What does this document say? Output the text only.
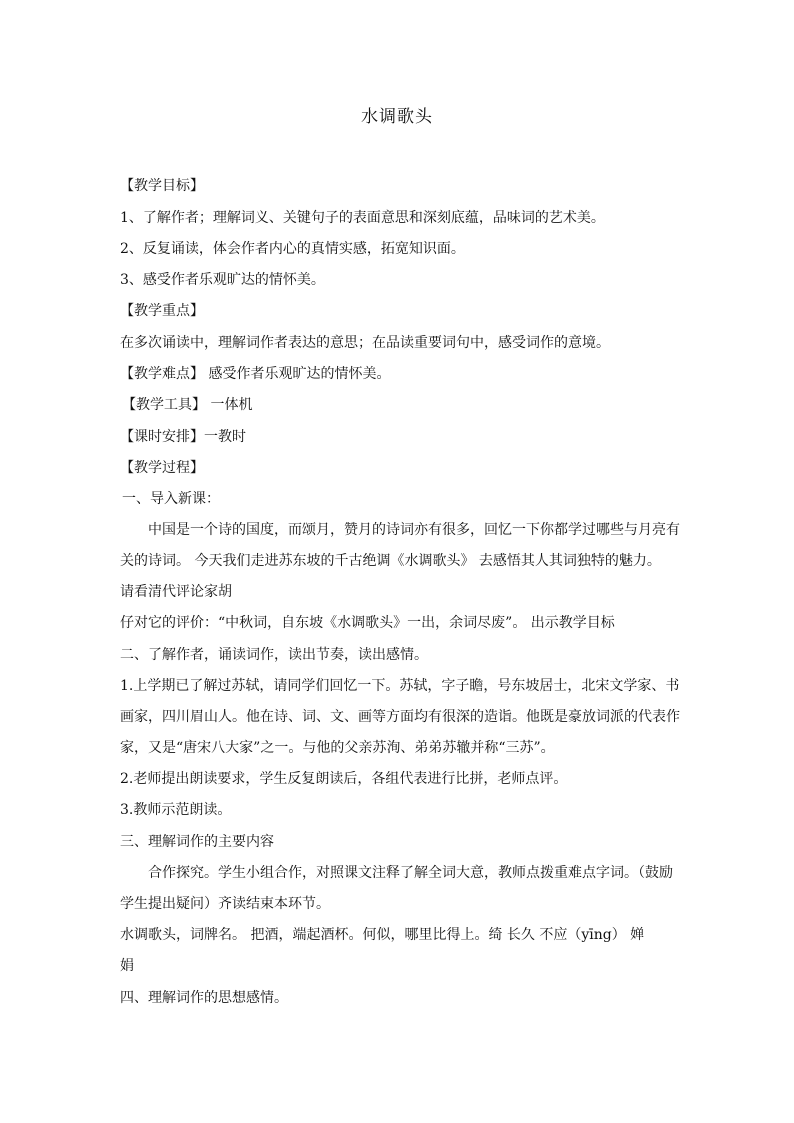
水调歌头
【教学目标】
1、了解作者；理解词义、关键句子的表面意思和深刻底蕴，品味词的艺术美。
2、反复诵读，体会作者内心的真情实感，拓宽知识面。
3、感受作者乐观旷达的情怀美。
【教学重点】
在多次诵读中，理解词作者表达的意思；在品读重要词句中，感受词作的意境。
【教学难点】 感受作者乐观旷达的情怀美。
【教学工具】 一体机
【课时安排】一教时
【教学过程】
一、导入新课：
中国是一个诗的国度，而颂月，赞月的诗词亦有很多，回忆一下你都学过哪些与月亮有
关的诗词。 今天我们走进苏东坡的千古绝调《水调歌头》 去感悟其人其词独特的魅力。
请看清代评论家胡
仔对它的评价：“中秋词，自东坡《水调歌头》一出，余词尽废”。 出示教学目标
二、了解作者，诵读词作，读出节奏，读出感情。
1.上学期已了解过苏轼，请同学们回忆一下。苏轼，字子瞻，号东坡居士，北宋文学家、书
画家，四川眉山人。他在诗、词、文、画等方面均有很深的造诣。他既是豪放词派的代表作
家，又是“唐宋八大家”之一。与他的父亲苏洵、弟弟苏辙并称“三苏”。
2.老师提出朗读要求，学生反复朗读后，各组代表进行比拼，老师点评。
3.教师示范朗读。
三、理解词作的主要内容
合作探究。学生小组合作，对照课文注释了解全词大意，教师点拨重难点字词。（鼓励
学生提出疑问）齐读结束本环节。
水调歌头，词牌名。 把酒，端起酒杯。何似，哪里比得上。绮 长久 不应（yīng） 婵
娟
四、理解词作的思想感情。
